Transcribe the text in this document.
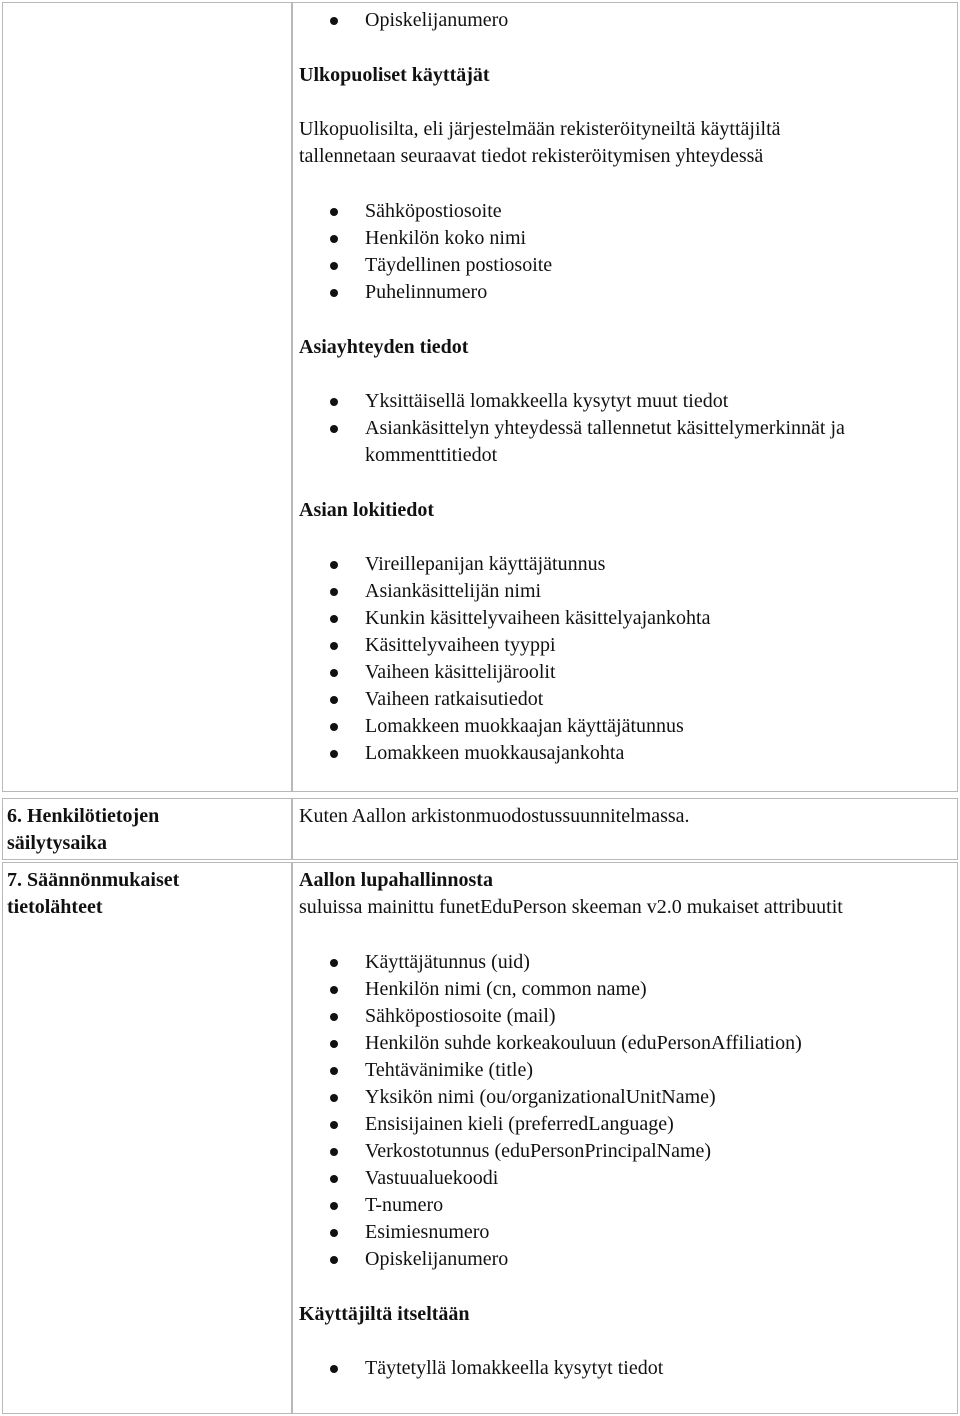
Opiskelijanumero
Ulkopuoliset käyttäjät
Ulkopuolisilta, eli järjestelmään rekisteröityneiltä käyttäjiltä
tallennetaan seuraavat tiedot rekisteröitymisen yhteydessä
Sähköpostiosoite
Henkilön koko nimi
Täydellinen postiosoite
Puhelinnumero
Asiayhteyden tiedot
Yksittäisellä lomakkeella kysytyt muut tiedot
Asiankäsittelyn yhteydessä tallennetut käsittelymerkinnät ja
kommenttitiedot
Asian lokitiedot
Vireillepanijan käyttäjätunnus
Asiankäsittelijän nimi
Kunkin käsittelyvaiheen käsittelyajankohta
Käsittelyvaiheen tyyppi
Vaiheen käsittelijäroolit
Vaiheen ratkaisutiedot
Lomakkeen muokkaajan käyttäjätunnus
Lomakkeen muokkausajankohta
6. Henkilötietojen
säilytysaika
Kuten Aallon arkistonmuodostussuunnitelmassa.
7. Säännönmukaiset
tietolähteet
Aallon lupahallinnosta
suluissa mainittu funetEduPerson skeeman v2.0 mukaiset attribuutit
Käyttäjätunnus (uid)
Henkilön nimi (cn, common name)
Sähköpostiosoite (mail)
Henkilön suhde korkeakouluun (eduPersonAffiliation)
Tehtävänimike (title)
Yksikön nimi (ou/organizationalUnitName)
Ensisijainen kieli (preferredLanguage)
Verkostotunnus (eduPersonPrincipalName)
Vastuualuekoodi
T-numero
Esimiesnumero
Opiskelijanumero
Käyttäjiltä itseltään
Täytetyllä lomakkeella kysytyt tiedot
